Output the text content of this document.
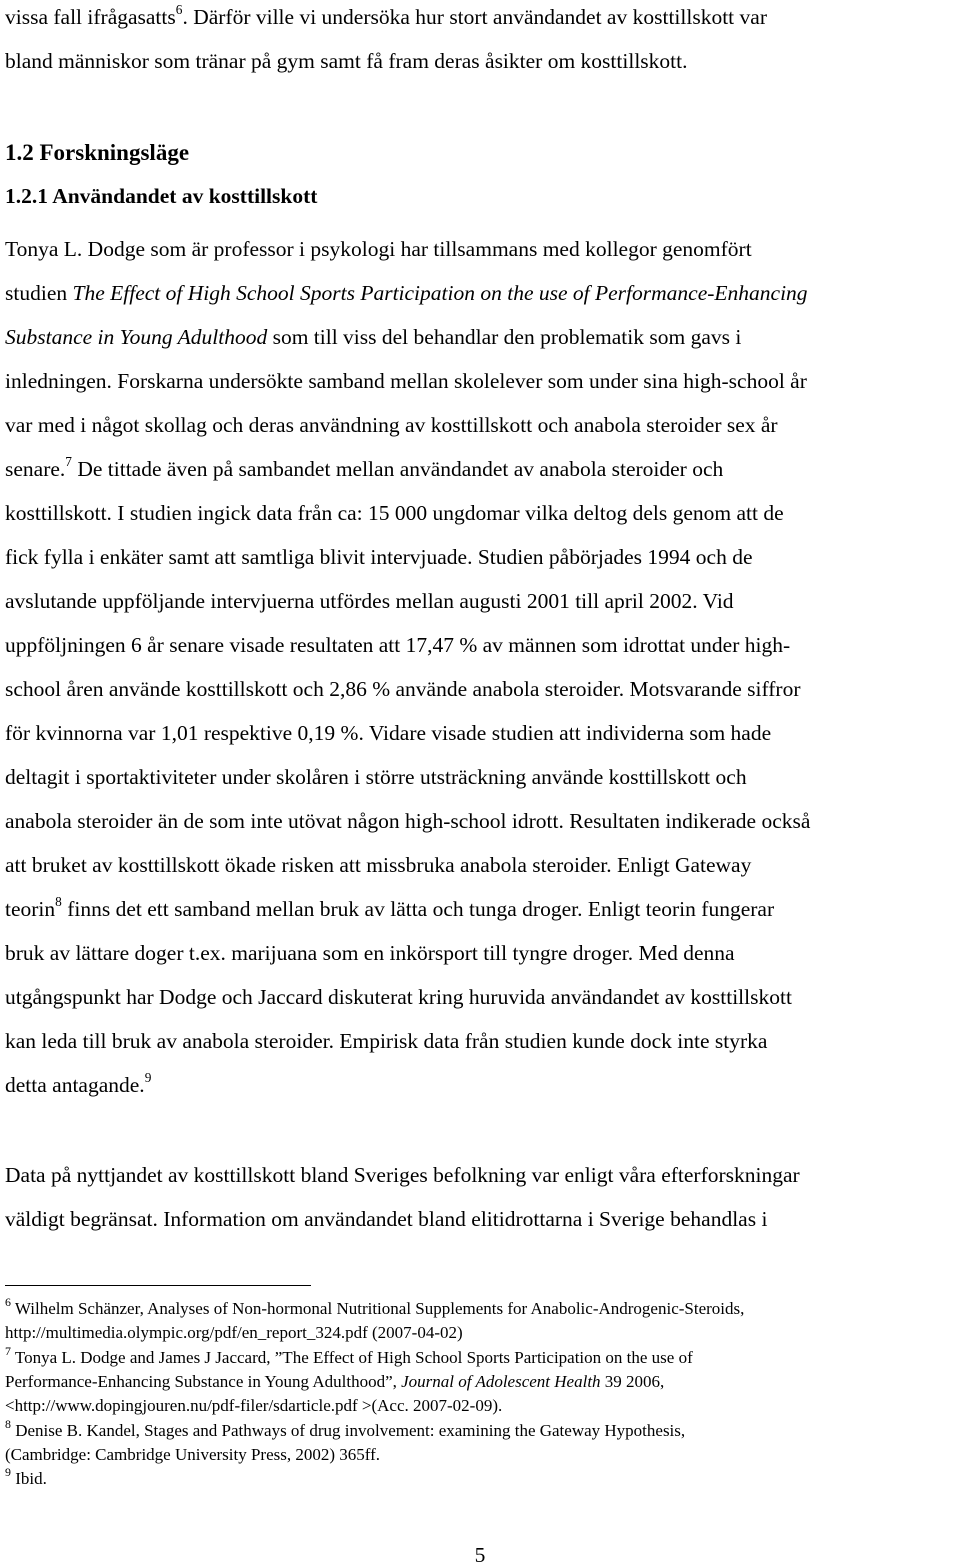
vissa fall ifrågasatts$^6$. Därför ville vi undersöka hur stort användandet av kosttillskott var

bland människor som tränar på gym samt få fram deras åsikter om kosttillskott.

1.2 Forskningsläge

1.2.1 Användandet av kosttillskott

Tonya L. Dodge som är professor i psykologi har tillsammans med kollegor genomfört

studien The Effect of High School Sports Participation on the use of Performance-Enhancing

Substance in Young Adulthood som till viss del behandlar den problematik som gavs i

inledningen. Forskarna undersökte samband mellan skolelever som under sina high-school år

var med i något skollag och deras användning av kosttillskott och anabola steroider sex år

senare.$^7$ De tittade även på sambandet mellan användandet av anabola steroider och

kosttillskott. I studien ingick data från ca: 15 000 ungdomar vilka deltog dels genom att de

fick fylla i enkäter samt att samtliga blivit intervjuade. Studien påbörjades 1994 och de

avslutande uppföljande intervjuerna utfördes mellan augusti 2001 till april 2002. Vid

uppföljningen 6 år senare visade resultaten att 17,47 % av männen som idrottat under high-

school åren använde kosttillskott och 2,86 % använde anabola steroider. Motsvarande siffror

för kvinnorna var 1,01 respektive 0,19 %. Vidare visade studien att individerna som hade

deltagit i sportaktiviteter under skolåren i större utsträckning använde kosttillskott och

anabola steroider än de som inte utövat någon high-school idrott. Resultaten indikerade också

att bruket av kosttillskott ökade risken att missbruka anabola steroider. Enligt Gateway

teorin$^8$ finns det ett samband mellan bruk av lätta och tunga droger. Enligt teorin fungerar

bruk av lättare doger t.ex. marijuana som en inkörsport till tyngre droger. Med denna

utgångspunkt har Dodge och Jaccard diskuterat kring huruvida användandet av kosttillskott

kan leda till bruk av anabola steroider. Empirisk data från studien kunde dock inte styrka

detta antagande.$^9$

Data på nyttjandet av kosttillskott bland Sveriges befolkning var enligt våra efterforskningar

väldigt begränsat. Information om användandet bland elitidrottarna i Sverige behandlas i

$^6$ Wilhelm Schänzer, Analyses of Non-hormonal Nutritional Supplements for Anabolic-Androgenic-Steroids,

http://multimedia.olympic.org/pdf/en_report_324.pdf (2007-04-02)

$^7$ Tonya L. Dodge and James J Jaccard, ”The Effect of High School Sports Participation on the use of

Performance-Enhancing Substance in Young Adulthood”, Journal of Adolescent Health 39 2006,

<http://www.dopingjouren.nu/pdf-filer/sdarticle.pdf >(Acc. 2007-02-09).

$^8$ Denise B. Kandel, Stages and Pathways of drug involvement: examining the Gateway Hypothesis,

(Cambridge: Cambridge University Press, 2002) 365ff.

$^9$ Ibid.

5
